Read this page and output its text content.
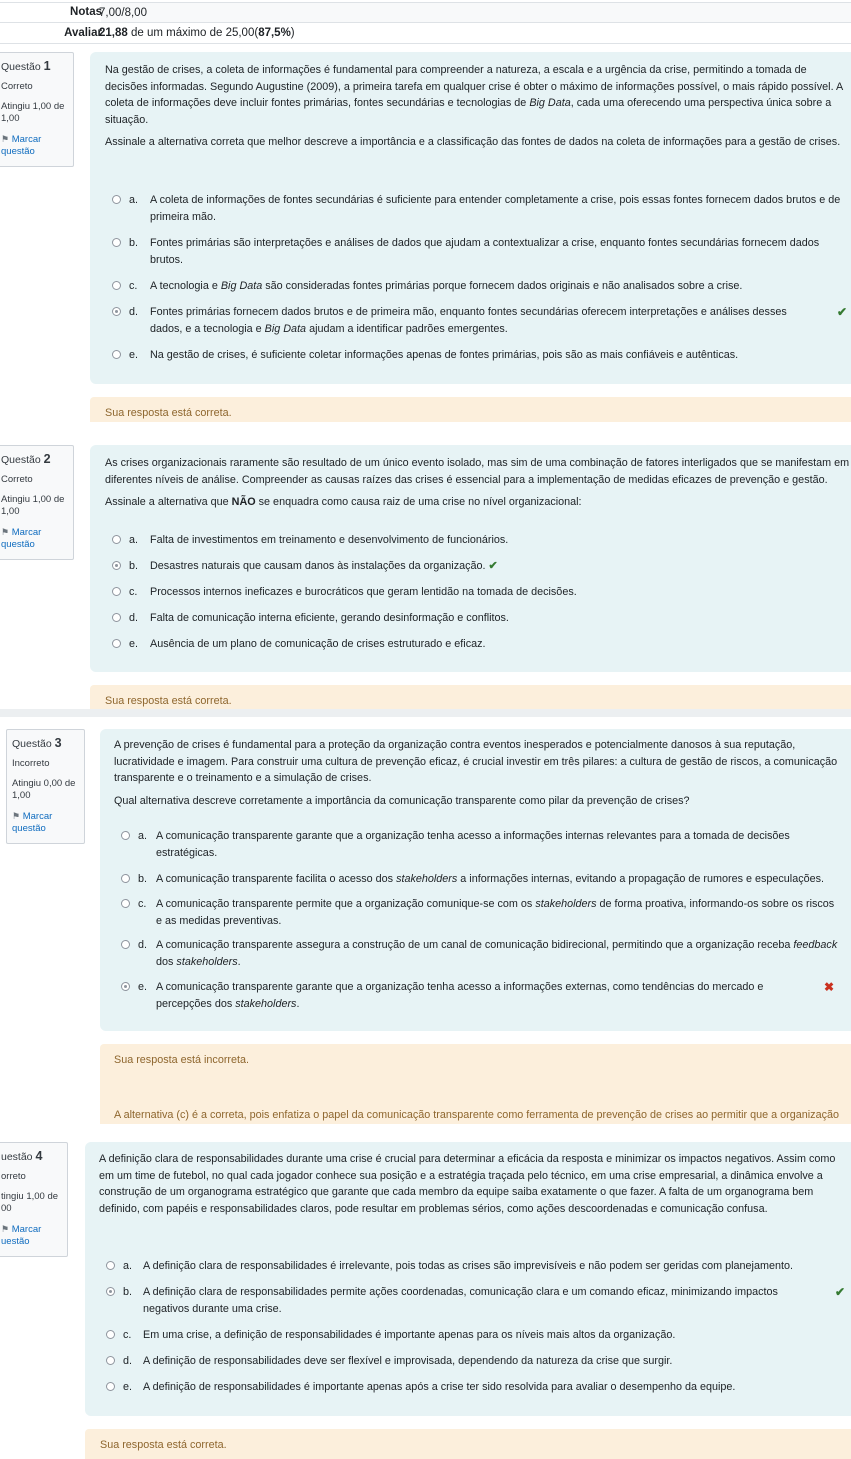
Notas
7,00/8,00
Avaliar
21,88 de um máximo de 25,00(87,5%)
Questão 1
Correto
Atingiu 1,00 de 1,00
⚑ Marcar questão

Na gestão de crises, a coleta de informações é fundamental para compreender a natureza, a escala e a urgência da crise, permitindo a tomada de decisões informadas. Segundo Augustine (2009), a primeira tarefa em qualquer crise é obter o máximo de informações possível, o mais rápido possível. A coleta de informações deve incluir fontes primárias, fontes secundárias e tecnologias de Big Data, cada uma oferecendo uma perspectiva única sobre a situação.

Assinale a alternativa correta que melhor descreve a importância e a classificação das fontes de dados na coleta de informações para a gestão de crises.

a. A coleta de informações de fontes secundárias é suficiente para entender completamente a crise, pois essas fontes fornecem dados brutos e de primeira mão.
b. Fontes primárias são interpretações e análises de dados que ajudam a contextualizar a crise, enquanto fontes secundárias fornecem dados brutos.
c. A tecnologia e Big Data são consideradas fontes primárias porque fornecem dados originais e não analisados sobre a crise.
d. Fontes primárias fornecem dados brutos e de primeira mão, enquanto fontes secundárias oferecem interpretações e análises desses dados, e a tecnologia e Big Data ajudam a identificar padrões emergentes.
✔
e. Na gestão de crises, é suficiente coletar informações apenas de fontes primárias, pois são as mais confiáveis e autênticas.
Sua resposta está correta.
Questão 2
Correto
Atingiu 1,00 de 1,00
⚑ Marcar questão

As crises organizacionais raramente são resultado de um único evento isolado, mas sim de uma combinação de fatores interligados que se manifestam em diferentes níveis de análise. Compreender as causas raízes das crises é essencial para a implementação de medidas eficazes de prevenção e gestão.

Assinale a alternativa que NÃO se enquadra como causa raiz de uma crise no nível organizacional:

a. Falta de investimentos em treinamento e desenvolvimento de funcionários.
b. Desastres naturais que causam danos às instalações da organização. ✔
c. Processos internos ineficazes e burocráticos que geram lentidão na tomada de decisões.
d. Falta de comunicação interna eficiente, gerando desinformação e conflitos.
e. Ausência de um plano de comunicação de crises estruturado e eficaz.
Sua resposta está correta.
Questão 3
Incorreto
Atingiu 0,00 de 1,00
⚑ Marcar questão

A prevenção de crises é fundamental para a proteção da organização contra eventos inesperados e potencialmente danosos à sua reputação, lucratividade e imagem. Para construir uma cultura de prevenção eficaz, é crucial investir em três pilares: a cultura de gestão de riscos, a comunicação transparente e o treinamento e a simulação de crises.

Qual alternativa descreve corretamente a importância da comunicação transparente como pilar da prevenção de crises?

a. A comunicação transparente garante que a organização tenha acesso a informações internas relevantes para a tomada de decisões estratégicas.
b. A comunicação transparente facilita o acesso dos stakeholders a informações internas, evitando a propagação de rumores e especulações.
c. A comunicação transparente permite que a organização comunique-se com os stakeholders de forma proativa, informando-os sobre os riscos e as medidas preventivas.
d. A comunicação transparente assegura a construção de um canal de comunicação bidirecional, permitindo que a organização receba feedback dos stakeholders.
e. A comunicação transparente garante que a organização tenha acesso a informações externas, como tendências do mercado e percepções dos stakeholders.
✖
Sua resposta está incorreta.
A alternativa (c) é a correta, pois enfatiza o papel da comunicação transparente como ferramenta de prevenção de crises ao permitir que a organização
uestão 4
orreto
tingiu 1,00 de 00
⚑ Marcar
uestão

A definição clara de responsabilidades durante uma crise é crucial para determinar a eficácia da resposta e minimizar os impactos negativos. Assim como em um time de futebol, no qual cada jogador conhece sua posição e a estratégia traçada pelo técnico, em uma crise empresarial, a dinâmica envolve a construção de um organograma estratégico que garante que cada membro da equipe saiba exatamente o que fazer. A falta de um organograma bem definido, com papéis e responsabilidades claros, pode resultar em problemas sérios, como ações descoordenadas e comunicação confusa.

a. A definição clara de responsabilidades é irrelevante, pois todas as crises são imprevisíveis e não podem ser geridas com planejamento.
b. A definição clara de responsabilidades permite ações coordenadas, comunicação clara e um comando eficaz, minimizando impactos negativos durante uma crise.
✔
c. Em uma crise, a definição de responsabilidades é importante apenas para os níveis mais altos da organização.
d. A definição de responsabilidades deve ser flexível e improvisada, dependendo da natureza da crise que surgir.
e. A definição de responsabilidades é importante apenas após a crise ter sido resolvida para avaliar o desempenho da equipe.
Sua resposta está correta.
